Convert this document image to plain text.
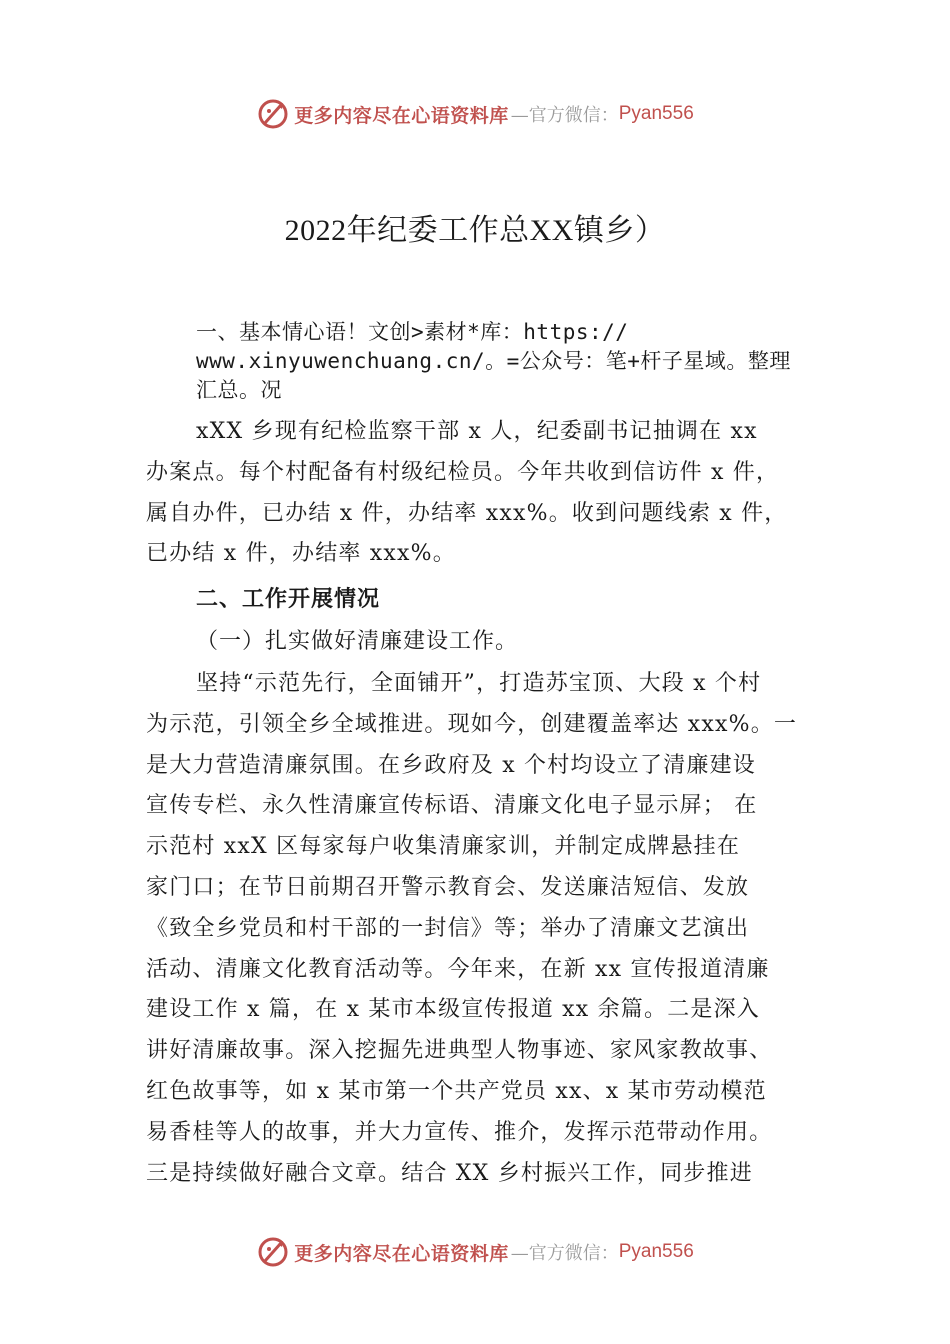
更多内容尽在心语资料库 —官方微信： Pyan556
2022年纪委工作总XX镇乡）
一、基本情心语！文创>素材*库：https://
www.xinyuwenchuang.cn/。=公众号：笔+杆子星域。整理
汇总。况
xXX 乡现有纪检监察干部 x 人，纪委副书记抽调在 xx
办案点。每个村配备有村级纪检员。今年共收到信访件 x 件，
属自办件，已办结 x 件，办结率 xxx%。收到问题线索 x 件，
已办结 x 件，办结率 xxx%。
二、工作开展情况
（一）扎实做好清廉建设工作。
坚持“示范先行，全面铺开”，打造苏宝顶、大段 x 个村
为示范，引领全乡全域推进。现如今，创建覆盖率达 xxx%。一
是大力营造清廉氛围。在乡政府及 x 个村均设立了清廉建设
宣传专栏、永久性清廉宣传标语、清廉文化电子显示屏； 在
示范村 xxX 区每家每户收集清廉家训，并制定成牌悬挂在
家门口；在节日前期召开警示教育会、发送廉洁短信、发放
《致全乡党员和村干部的一封信》等；举办了清廉文艺演出
活动、清廉文化教育活动等。今年来，在新 xx 宣传报道清廉
建设工作 x 篇，在 x 某市本级宣传报道 xx 余篇。二是深入
讲好清廉故事。深入挖掘先进典型人物事迹、家风家教故事、
红色故事等，如 x 某市第一个共产党员 xx、x 某市劳动模范
易香桂等人的故事，并大力宣传、推介，发挥示范带动作用。
三是持续做好融合文章。结合 XX 乡村振兴工作，同步推进
更多内容尽在心语资料库 —官方微信： Pyan556
